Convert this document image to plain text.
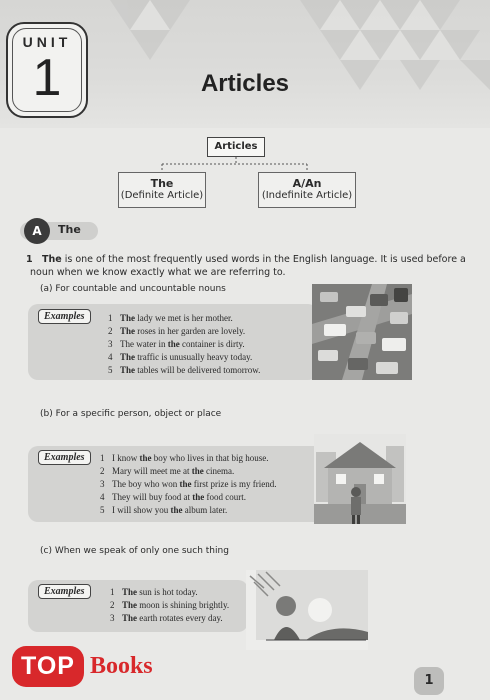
UNIT
1	Articles
Articles
The
(Definite Article)
A/An
(Indefinite Article)
A	The
1 The is one of the most frequently used words in the English language. It is used before a noun when we know exactly what we are referring to.
(a) For countable and uncountable nouns
Examples	1 The lady we met is her mother.
2 The roses in her garden are lovely.
3 The water in the container is dirty.
4 The traffic is unusually heavy today.
5 The tables will be delivered tomorrow.
(b) For a specific person, object or place
Examples	1 I know the boy who lives in that big house.
2 Mary will meet me at the cinema.
3 The boy who won the first prize is my friend.
4 They will buy food at the food court.
5 I will show you the album later.
(c) When we speak of only one such thing
Examples	1 The sun is hot today.
2 The moon is shining brightly.
3 The earth rotates every day.
TOP Books
1
